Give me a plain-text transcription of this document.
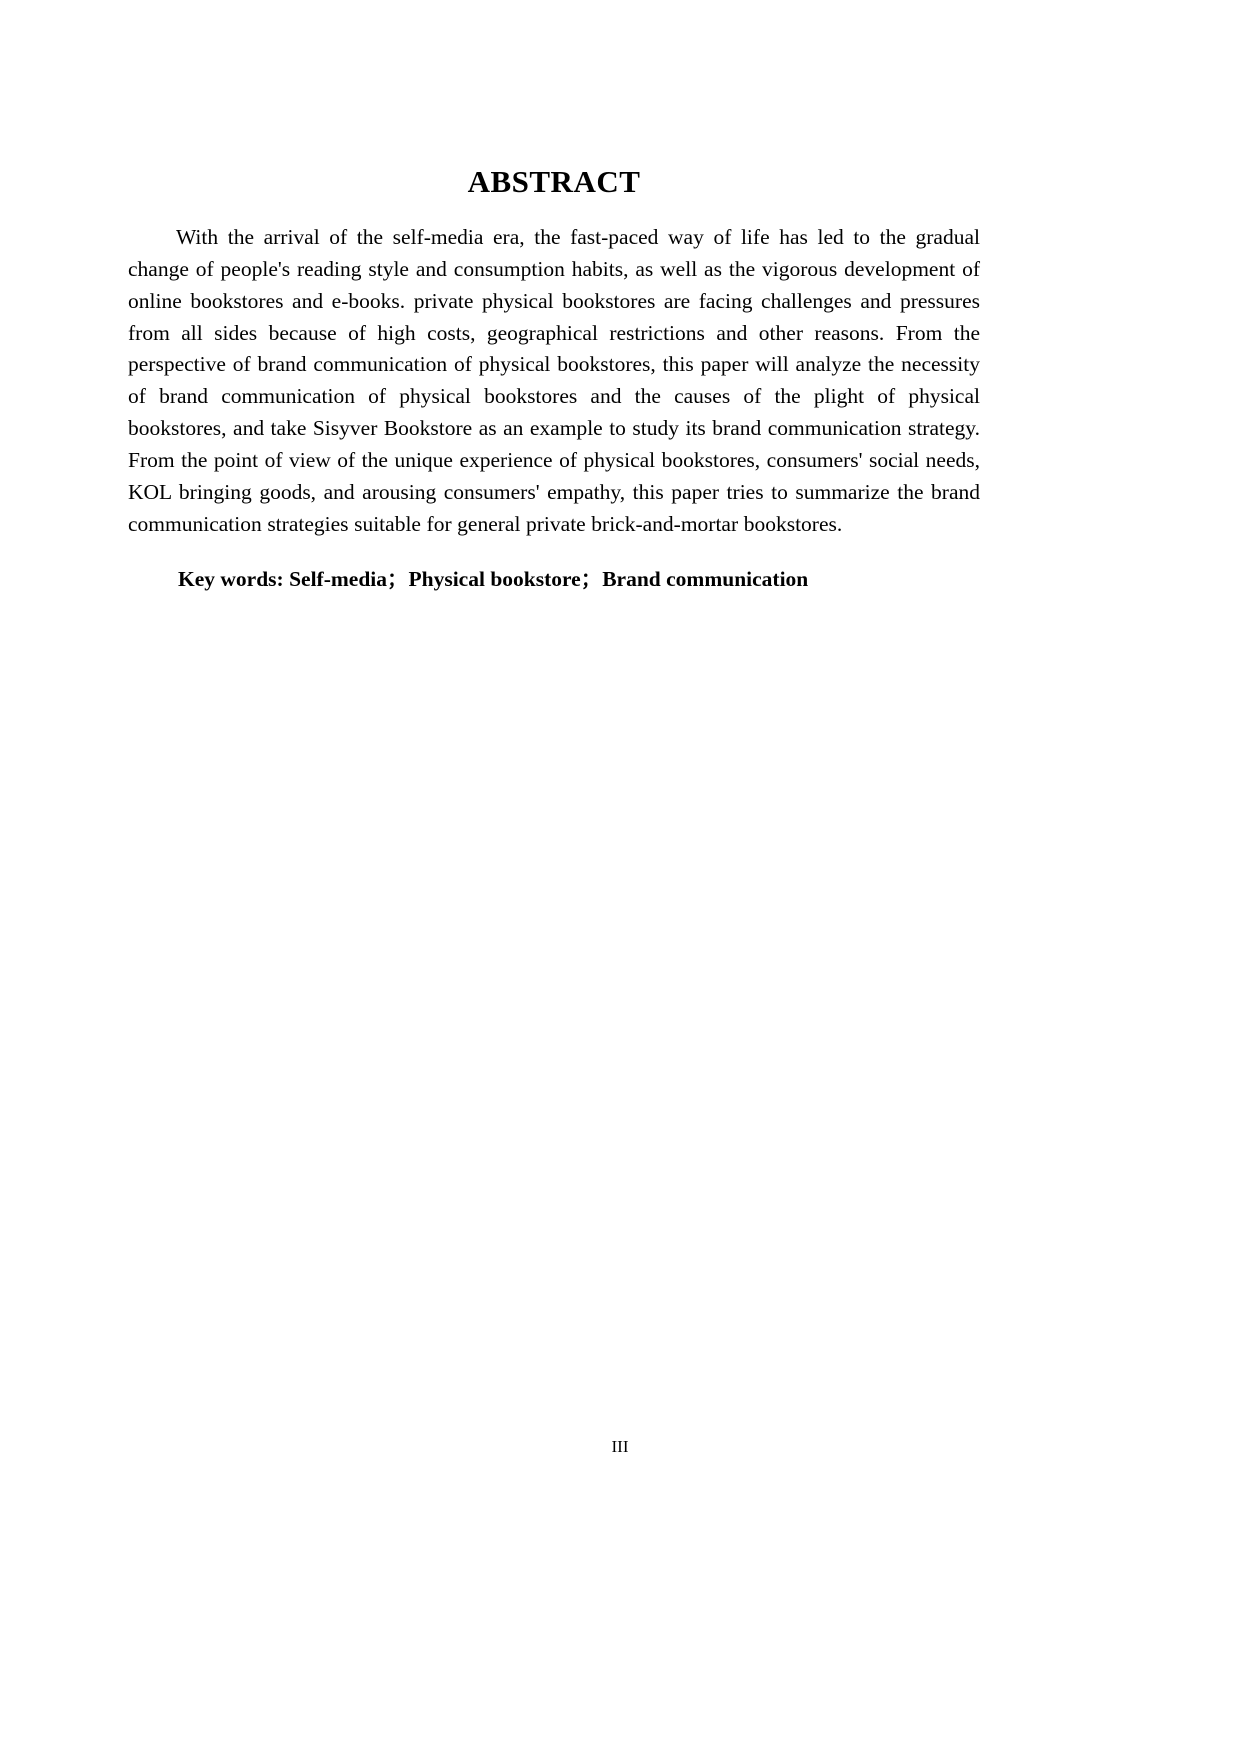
ABSTRACT

With the arrival of the self-media era, the fast-paced way of life has led to the gradual change of people's reading style and consumption habits, as well as the vigorous development of online bookstores and e-books. private physical bookstores are facing challenges and pressures from all sides because of high costs, geographical restrictions and other reasons. From the perspective of brand communication of physical bookstores, this paper will analyze the necessity of brand communication of physical bookstores and the causes of the plight of physical bookstores, and take Sisyver Bookstore as an example to study its brand communication strategy. From the point of view of the unique experience of physical bookstores, consumers' social needs, KOL bringing goods, and arousing consumers' empathy, this paper tries to summarize the brand communication strategies suitable for general private brick-and-mortar bookstores.

Key words: Self-media；Physical bookstore；Brand communication

III
